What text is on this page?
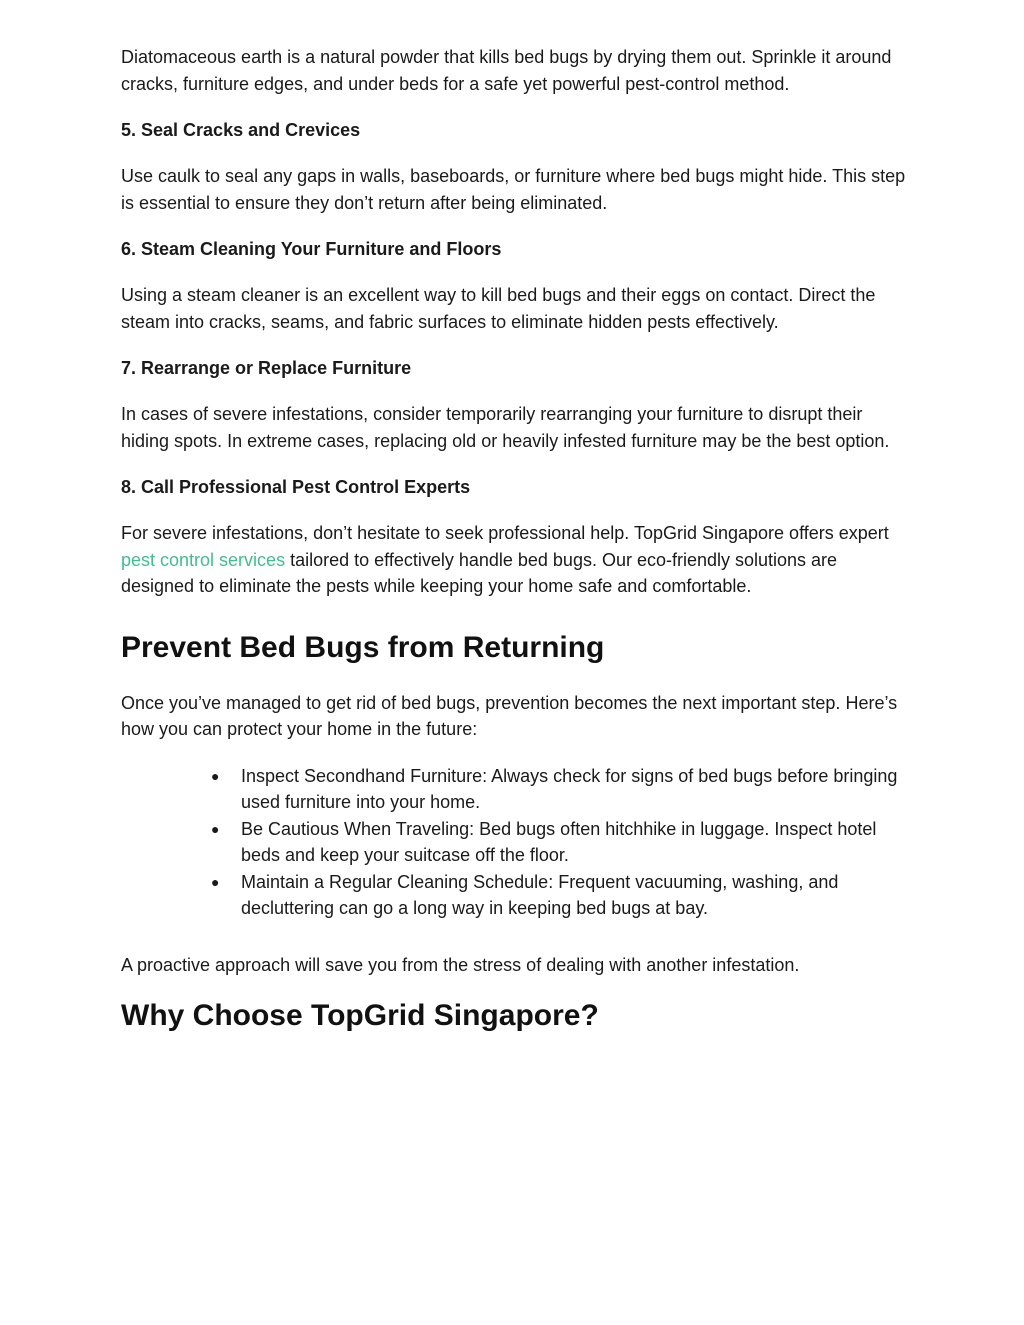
Diatomaceous earth is a natural powder that kills bed bugs by drying them out. Sprinkle it around cracks, furniture edges, and under beds for a safe yet powerful pest-control method.

5. Seal Cracks and Crevices

Use caulk to seal any gaps in walls, baseboards, or furniture where bed bugs might hide. This step is essential to ensure they don’t return after being eliminated.

6. Steam Cleaning Your Furniture and Floors

Using a steam cleaner is an excellent way to kill bed bugs and their eggs on contact. Direct the steam into cracks, seams, and fabric surfaces to eliminate hidden pests effectively.

7. Rearrange or Replace Furniture

In cases of severe infestations, consider temporarily rearranging your furniture to disrupt their hiding spots. In extreme cases, replacing old or heavily infested furniture may be the best option.

8. Call Professional Pest Control Experts

For severe infestations, don’t hesitate to seek professional help. TopGrid Singapore offers expert pest control services tailored to effectively handle bed bugs. Our eco-friendly solutions are designed to eliminate the pests while keeping your home safe and comfortable.

Prevent Bed Bugs from Returning

Once you’ve managed to get rid of bed bugs, prevention becomes the next important step. Here’s how you can protect your home in the future:

● Inspect Secondhand Furniture: Always check for signs of bed bugs before bringing used furniture into your home.
● Be Cautious When Traveling: Bed bugs often hitchhike in luggage. Inspect hotel beds and keep your suitcase off the floor.
● Maintain a Regular Cleaning Schedule: Frequent vacuuming, washing, and decluttering can go a long way in keeping bed bugs at bay.

A proactive approach will save you from the stress of dealing with another infestation.

Why Choose TopGrid Singapore?
